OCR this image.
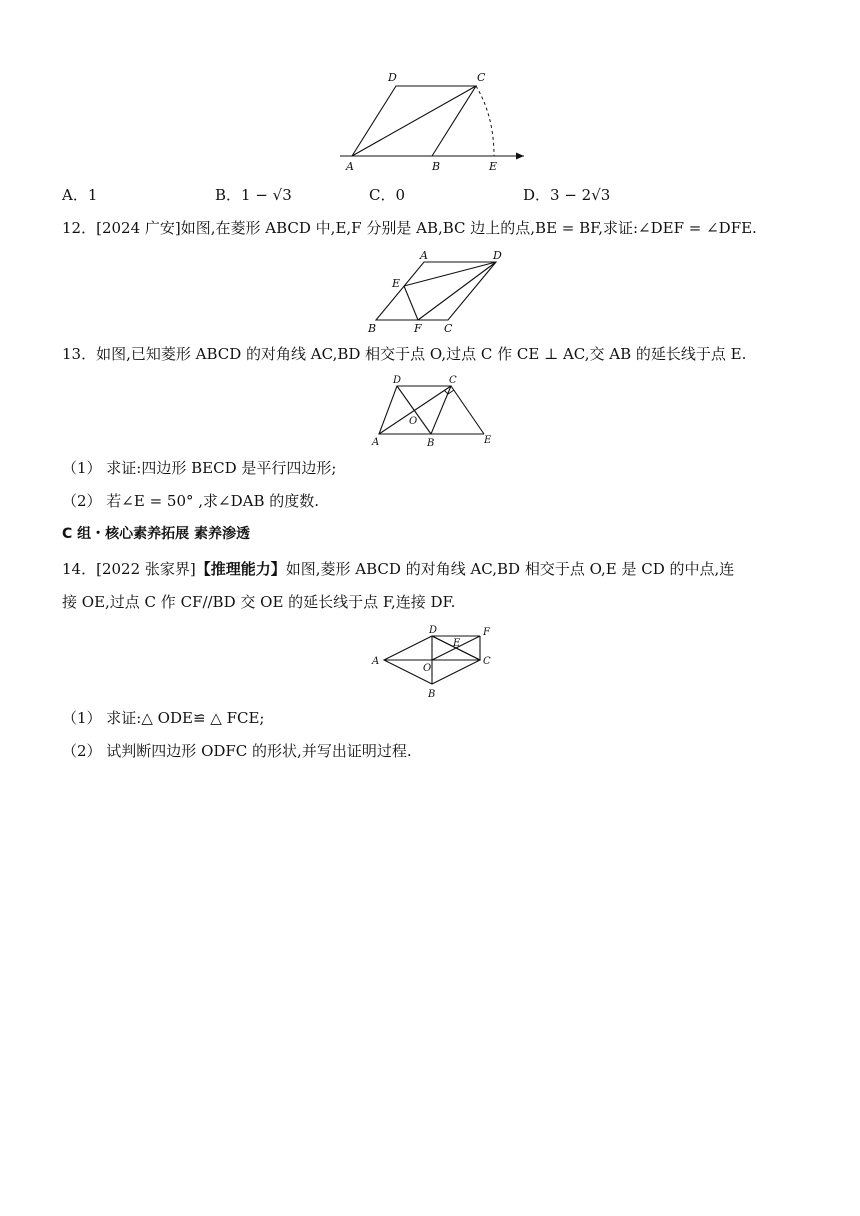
A	B	E
D	C
A．1	B．1 − √3	C．0	D．3 − 2√3
12．[2024 广安]如图,在菱形 ABCD 中,E,F 分别是 AB,BC 边上的点,BE = BF,求证:∠DEF = ∠DFE.
A	D
E
B	F C
13．如图,已知菱形 ABCD 的对角线 AC,BD 相交于点 O,过点 C 作 CE ⊥ AC,交 AB 的延长线于点 E.
D	C
O
A	B	E
（1） 求证:四边形 BECD 是平行四边形;
（2） 若∠E = 50° ,求∠DAB 的度数.
C 组・核心素养拓展 素养渗透
14．[2022 张家界]【推理能力】如图,菱形 ABCD 的对角线 AC,BD 相交于点 O,E 是 CD 的中点,连
接 OE,过点 C 作 CF//BD 交 OE 的延长线于点 F,连接 DF.
D
E
F
A
O
C
B
（1） 求证:△ ODE≌ △ FCE;
（2） 试判断四边形 ODFC 的形状,并写出证明过程.
